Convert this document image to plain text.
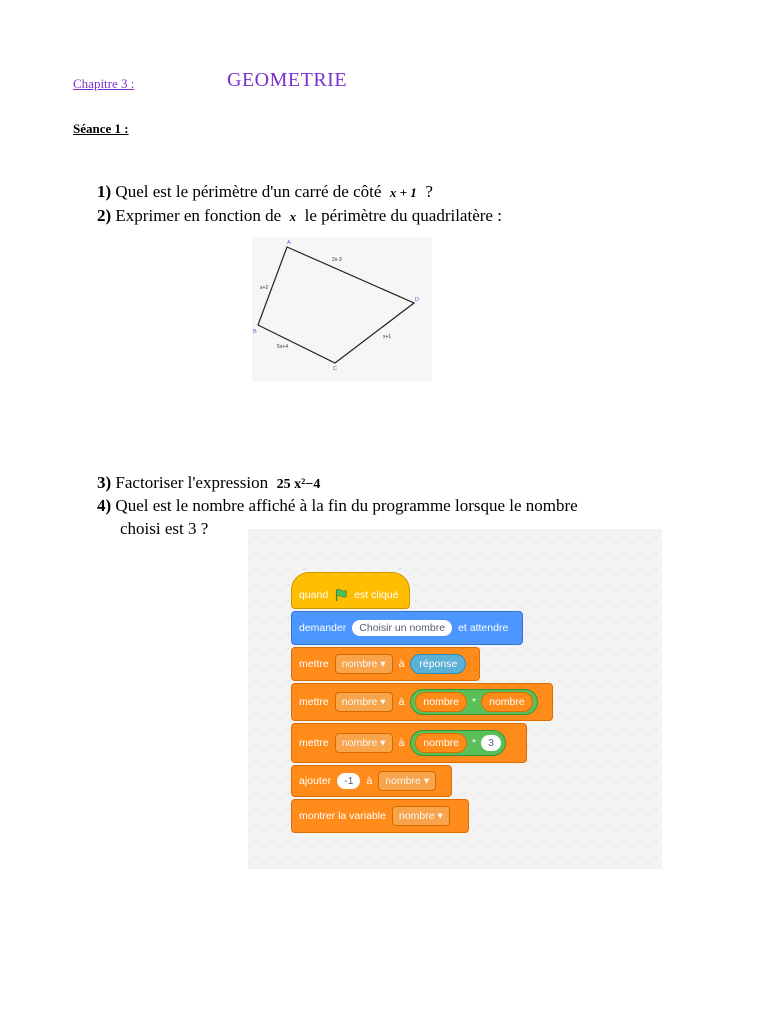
Chapitre 3 :	GEOMETRIE
Séance 1 :
1) Quel est le périmètre d'un carré de côté x + 1 ?
2) Exprimer en fonction de x le périmètre du quadrilatère :
A
D
C
B
2x-3
x+1
5x+4
x+2
3) Factoriser l'expression 25 x²−4
4) Quel est le nombre affiché à la fin du programme lorsque le nombre
choisi est 3 ?
quand est cliqué
demander	Choisir un nombre	et attendre
mettre	nombre ▾	à	réponse
mettre	nombre ▾	à	nombre	*	nombre
mettre	nombre ▾	à	nombre	*	3
ajouter	-1	à	nombre ▾
montrer la variable	nombre ▾
